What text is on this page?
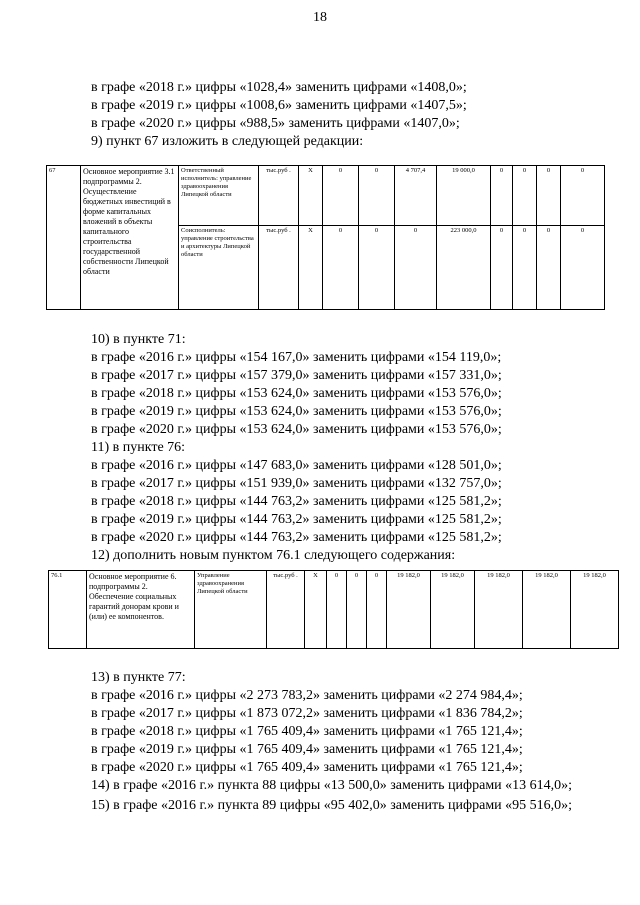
18
в графе «2018 г.» цифры «1028,4» заменить цифрами «1408,0»;
в графе «2019 г.» цифры «1008,6» заменить цифрами «1407,5»;
в графе «2020 г.» цифры «988,5» заменить цифрами «1407,0»;
9) пункт 67 изложить в следующей редакции:
67	Основное мероприятие 3.1 подпрограммы 2. Осуществление бюджетных инвестиций в форме капитальных вложений в объекты капитального строительства государственной собственности Липецкой области	Ответственный исполнитель: управление здравоохранения Липецкой области	тыс.руб .	Х	0	0	4 707,4	19 000,0	0	0	0	0
		Соисполнитель: управление строительства и архитектуры Липецкой области	тыс.руб .	Х	0	0	0	223 000,0	0	0	0	0
10) в пункте 71:
в графе «2016 г.» цифры «154 167,0» заменить цифрами «154 119,0»;
в графе «2017 г.» цифры «157 379,0» заменить цифрами «157 331,0»;
в графе «2018 г.» цифры «153 624,0» заменить цифрами «153 576,0»;
в графе «2019 г.» цифры «153 624,0» заменить цифрами «153 576,0»;
в графе «2020 г.» цифры «153 624,0» заменить цифрами «153 576,0»;
11) в пункте 76:
в графе «2016 г.» цифры «147 683,0» заменить цифрами «128 501,0»;
в графе «2017 г.» цифры «151 939,0» заменить цифрами «132 757,0»;
в графе «2018 г.» цифры «144 763,2» заменить цифрами «125 581,2»;
в графе «2019 г.» цифры «144 763,2» заменить цифрами «125 581,2»;
в графе «2020 г.» цифры «144 763,2» заменить цифрами «125 581,2»;
12) дополнить новым пунктом 76.1 следующего содержания:
76.1	Основное мероприятие 6. подпрограммы 2. Обеспечение социальных гарантий донорам крови и (или) ее компонентов.	Управление здравоохранения Липецкой области	тыс.руб .	Х	0	0	0	19 182,0	19 182,0	19 182,0	19 182,0	19 182,0
13) в пункте 77:
в графе «2016 г.» цифры «2 273 783,2» заменить цифрами «2 274 984,4»;
в графе «2017 г.» цифры «1 873 072,2» заменить цифрами «1 836 784,2»;
в графе «2018 г.» цифры «1 765 409,4» заменить цифрами «1 765 121,4»;
в графе «2019 г.» цифры «1 765 409,4» заменить цифрами «1 765 121,4»;
в графе «2020 г.» цифры «1 765 409,4» заменить цифрами «1 765 121,4»;

14) в графе «2016 г.» пункта 88 цифры «13 500,0» заменить цифрами «13 614,0»;

15) в графе «2016 г.» пункта 89 цифры «95 402,0» заменить цифрами «95 516,0»;
